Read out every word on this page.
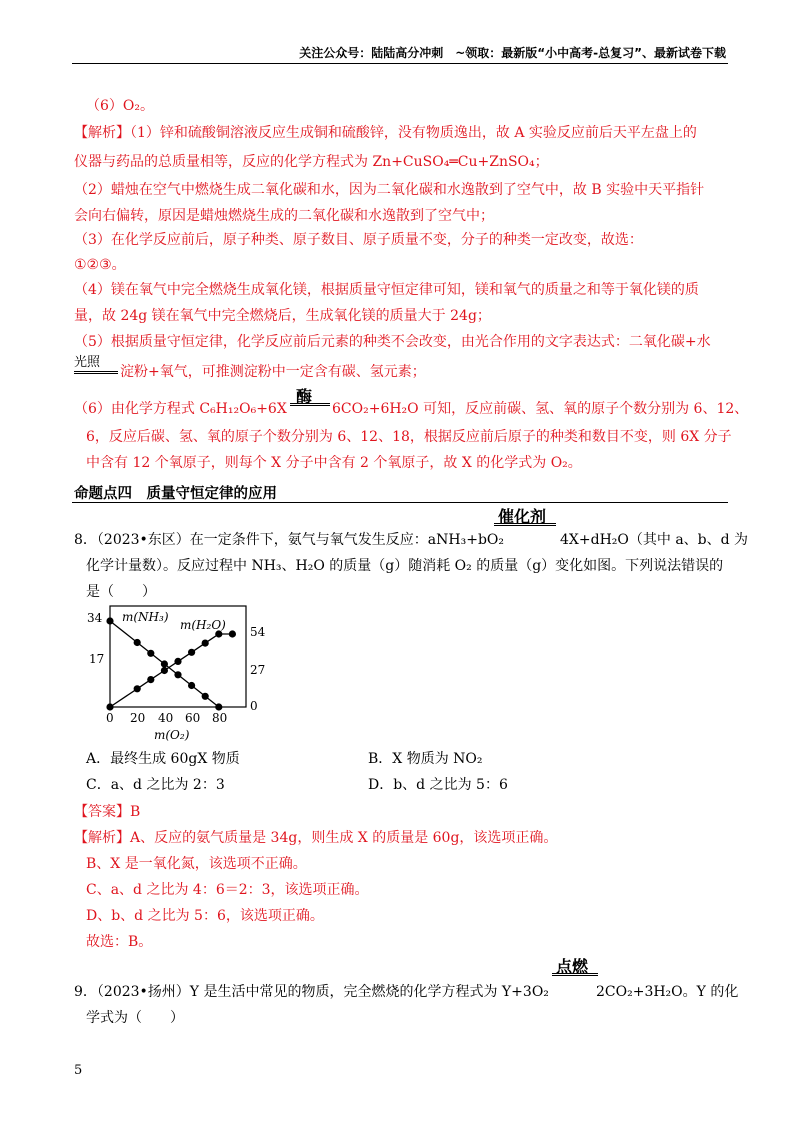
关注公众号：陆陆高分冲刺　~领取：最新版“小中高考-总复习”、最新试卷下载
（6）O₂。
【解析】（1）锌和硫酸铜溶液反应生成铜和硫酸锌，没有物质逸出，故 A 实验反应前后天平左盘上的
仪器与药品的总质量相等，反应的化学方程式为 Zn+CuSO₄═Cu+ZnSO₄；
（2）蜡烛在空气中燃烧生成二氧化碳和水，因为二氧化碳和水逸散到了空气中，故 B 实验中天平指针
会向右偏转，原因是蜡烛燃烧生成的二氧化碳和水逸散到了空气中；
（3）在化学反应前后，原子种类、原子数目、原子质量不变，分子的种类一定改变，故选：
①②③。
（4）镁在氧气中完全燃烧生成氧化镁，根据质量守恒定律可知，镁和氧气的质量之和等于氧化镁的质
量，故 24g 镁在氧气中完全燃烧后，生成氧化镁的质量大于 24g；
（5）根据质量守恒定律，化学反应前后元素的种类不会改变，由光合作用的文字表达式：二氧化碳+水
光照
淀粉+氧气，可推测淀粉中一定含有碳、氢元素；
（6）由化学方程式 C₆H₁₂O₆+6X
酶
6CO₂+6H₂O 可知，反应前碳、氢、氧的原子个数分别为 6、12、
6，反应后碳、氢、氧的原子个数分别为 6、12、18，根据反应前后原子的种类和数目不变，则 6X 分子
中含有 12 个氧原子，则每个 X 分子中含有 2 个氧原子，故 X 的化学式为 O₂。
命题点四　质量守恒定律的应用
催化剂
8．（2023•东区）在一定条件下，氨气与氧气发生反应：aNH₃+bO₂	4X+dH₂O（其中 a、b、d 为
化学计量数）。反应过程中 NH₃、H₂O 的质量（g）随消耗 O₂ 的质量（g）变化如图。下列说法错误的
是（　　）
34
17
54
27
0
0 20 40 60 80
m(O₂)
m(NH₃)
m(H₂O)
A．最终生成 60gX 物质	B．X 物质为 NO₂
C．a、d 之比为 2：3	D．b、d 之比为 5：6
【答案】B
【解析】A、反应的氨气质量是 34g，则生成 X 的质量是 60g，该选项正确。
B、X 是一氧化氮，该选项不正确。
C、a、d 之比为 4：6＝2：3，该选项正确。
D、b、d 之比为 5：6，该选项正确。
故选：B。
点燃
9．（2023•扬州）Y 是生活中常见的物质，完全燃烧的化学方程式为 Y+3O₂	2CO₂+3H₂O。Y 的化
学式为（　　）
5
